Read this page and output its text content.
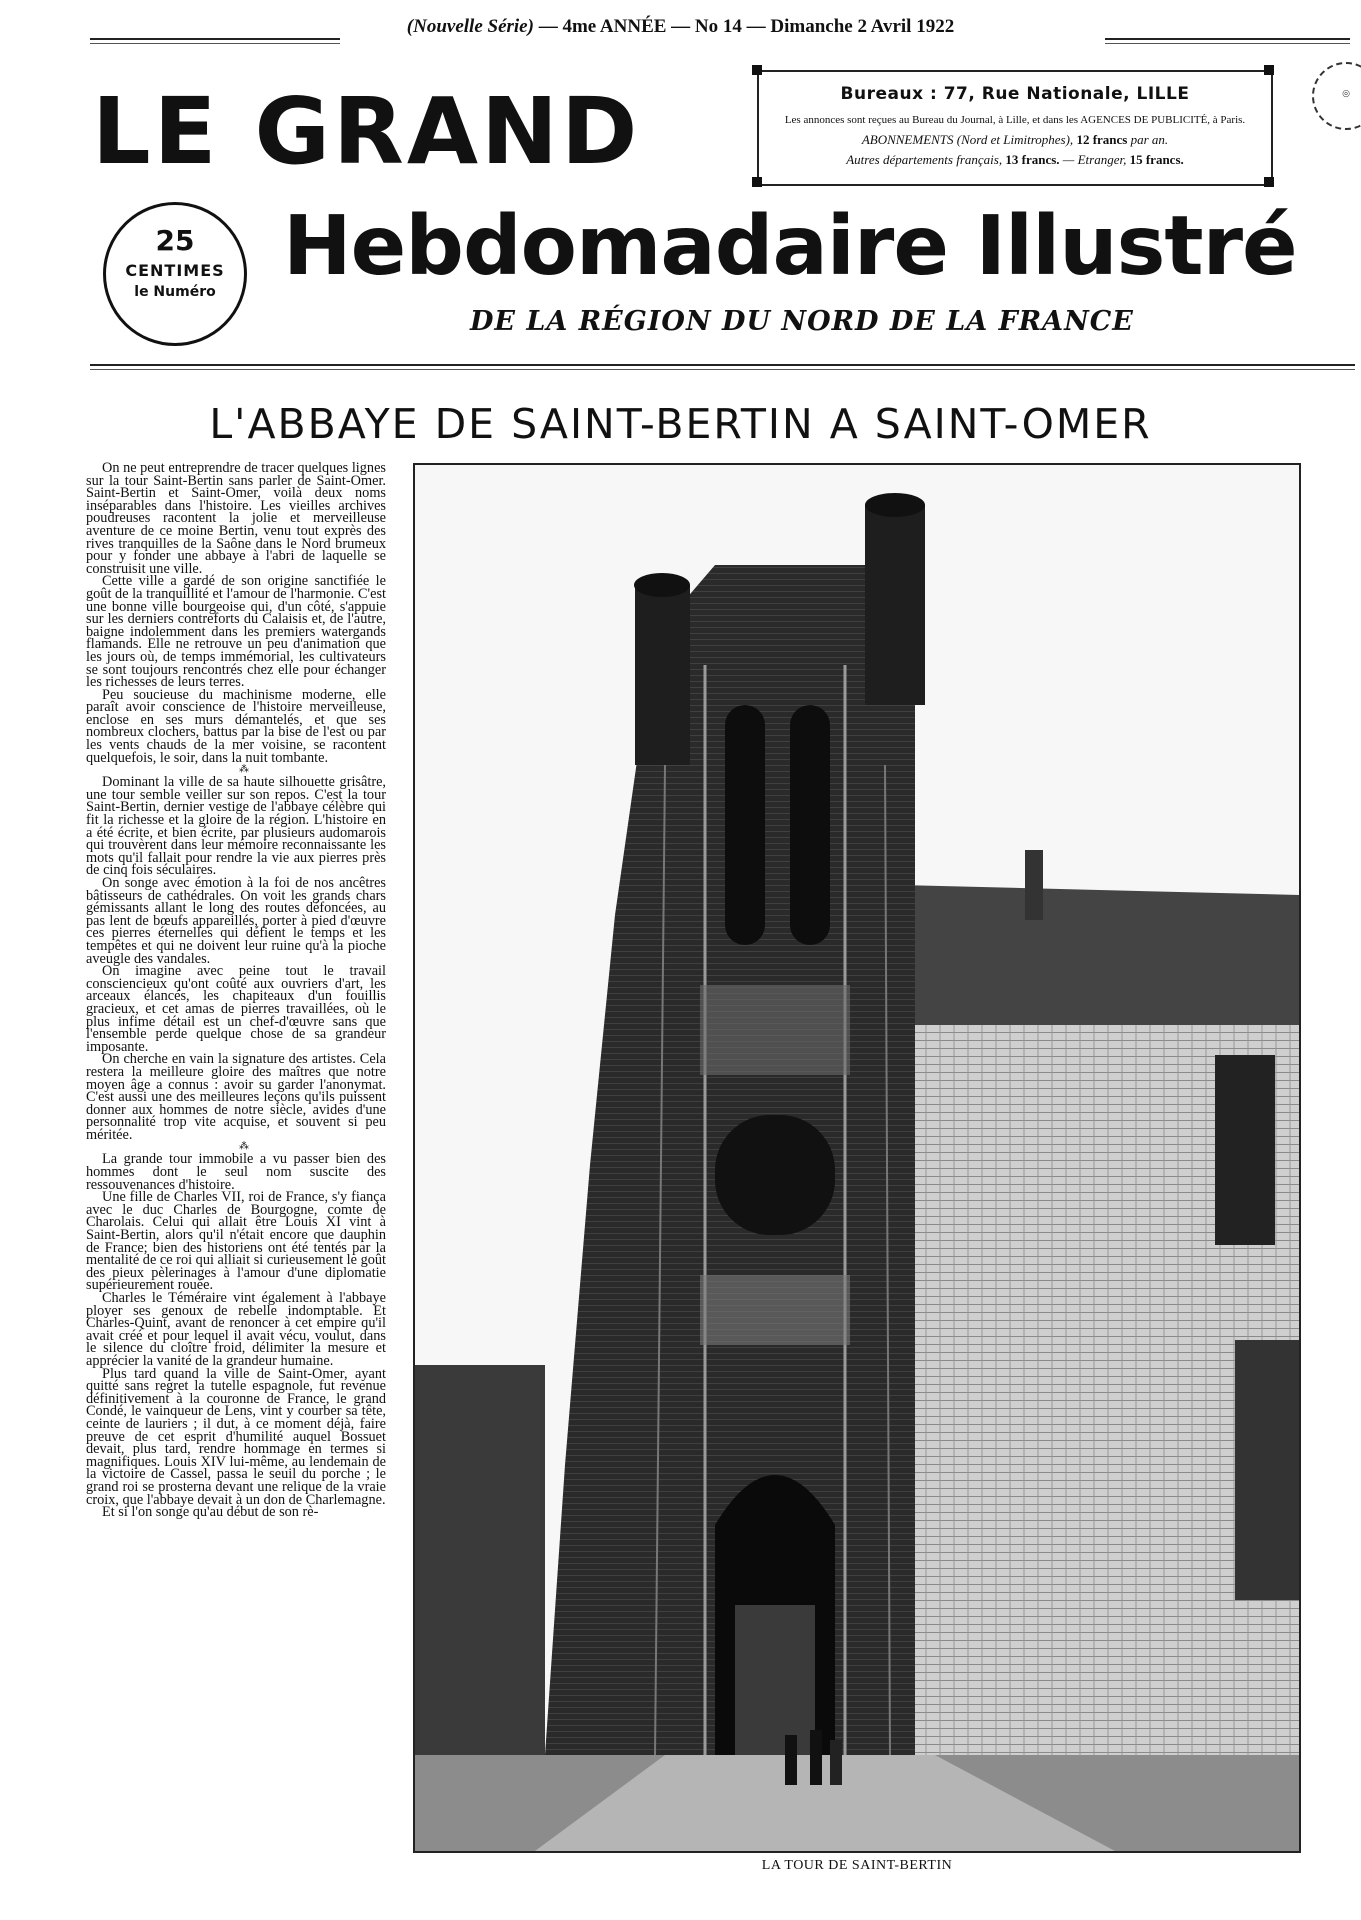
(Nouvelle Série) — 4me ANNÉE — No 14 — Dimanche 2 Avril 1922
LE GRAND	Bureaux : 77, Rue Nationale, LILLE
Les annonces sont reçues au Bureau du Journal, à Lille, et dans les AGENCES DE PUBLICITÉ, à Paris.
ABONNEMENTS (Nord et Limitrophes), 12 francs par an.
Autres départements français, 13 francs. — Etranger, 15 francs.
◎
25
CENTIMES
le Numéro Hebdomadaire Illustré
DE LA RÉGION DU NORD DE LA FRANCE
L'ABBAYE DE SAINT-BERTIN A SAINT-OMER

On ne peut entreprendre de tracer quelques lignes sur la tour Saint-Bertin sans parler de Saint-Omer. Saint-Bertin et Saint-Omer, voilà deux noms inséparables dans l'histoire. Les vieilles archives poudreuses racontent la jolie et merveilleuse aventure de ce moine Bertin, venu tout exprès des rives tranquilles de la Saône dans le Nord brumeux pour y fonder une abbaye à l'abri de laquelle se construisit une ville.

Cette ville a gardé de son origine sanctifiée le goût de la tranquillité et l'amour de l'harmonie. C'est une bonne ville bourgeoise qui, d'un côté, s'appuie sur les derniers contreforts du Calaisis et, de l'autre, baigne indolemment dans les premiers watergands flamands. Elle ne retrouve un peu d'animation que les jours où, de temps immémorial, les cultivateurs se sont toujours rencontrés chez elle pour échanger les richesses de leurs terres.

Peu soucieuse du machinisme moderne, elle paraît avoir conscience de l'histoire merveilleuse, enclose en ses murs démantelés, et que ses nombreux clochers, battus par la bise de l'est ou par les vents chauds de la mer voisine, se racontent quelquefois, le soir, dans la nuit tombante.

⁂

Dominant la ville de sa haute silhouette grisâtre, une tour semble veiller sur son repos. C'est la tour Saint-Bertin, dernier vestige de l'abbaye célèbre qui fit la richesse et la gloire de la région. L'histoire en a été écrite, et bien écrite, par plusieurs audomarois qui trouvèrent dans leur mémoire reconnaissante les mots qu'il fallait pour rendre la vie aux pierres près de cinq fois séculaires.

On songe avec émotion à la foi de nos ancêtres bâtisseurs de cathédrales. On voit les grands chars gémissants allant le long des routes défoncées, au pas lent de bœufs appareillés, porter à pied d'œuvre ces pierres éternelles qui défient le temps et les tempêtes et qui ne doivent leur ruine qu'à la pioche aveugle des vandales.

On imagine avec peine tout le travail consciencieux qu'ont coûté aux ouvriers d'art, les arceaux élancés, les chapiteaux d'un fouillis gracieux, et cet amas de pierres travaillées, où le plus infime détail est un chef-d'œuvre sans que l'ensemble perde quelque chose de sa grandeur imposante.

On cherche en vain la signature des artistes. Cela restera la meilleure gloire des maîtres que notre moyen âge a connus : avoir su garder l'anonymat. C'est aussi une des meilleures leçons qu'ils puissent donner aux hommes de notre siècle, avides d'une personnalité trop vite acquise, et souvent si peu méritée.

⁂

La grande tour immobile a vu passer bien des hommes dont le seul nom suscite des ressouvenances d'histoire.

Une fille de Charles VII, roi de France, s'y fiança avec le duc Charles de Bourgogne, comte de Charolais. Celui qui allait être Louis XI vint à Saint-Bertin, alors qu'il n'était encore que dauphin de France; bien des historiens ont été tentés par la mentalité de ce roi qui alliait si curieusement le goût des pieux pèlerinages à l'amour d'une diplomatie supérieurement rouée.

Charles le Téméraire vint également à l'abbaye ployer ses genoux de rebelle indomptable. Et Charles-Quint, avant de renoncer à cet empire qu'il avait créé et pour lequel il avait vécu, voulut, dans le silence du cloître froid, délimiter la mesure et apprécier la vanité de la grandeur humaine.

Plus tard quand la ville de Saint-Omer, ayant quitté sans regret la tutelle espagnole, fut revenue définitivement à la couronne de France, le grand Condé, le vainqueur de Lens, vint y courber sa tête, ceinte de lauriers ; il dut, à ce moment déjà, faire preuve de cet esprit d'humilité auquel Bossuet devait, plus tard, rendre hommage en termes si magnifiques. Louis XIV lui-même, au lendemain de la victoire de Cassel, passa le seuil du porche ; le grand roi se prosterna devant une relique de la vraie croix, que l'abbaye devait à un don de Charlemagne.

Et si l'on songe qu'au début de son rè-

LA TOUR DE SAINT-BERTIN
